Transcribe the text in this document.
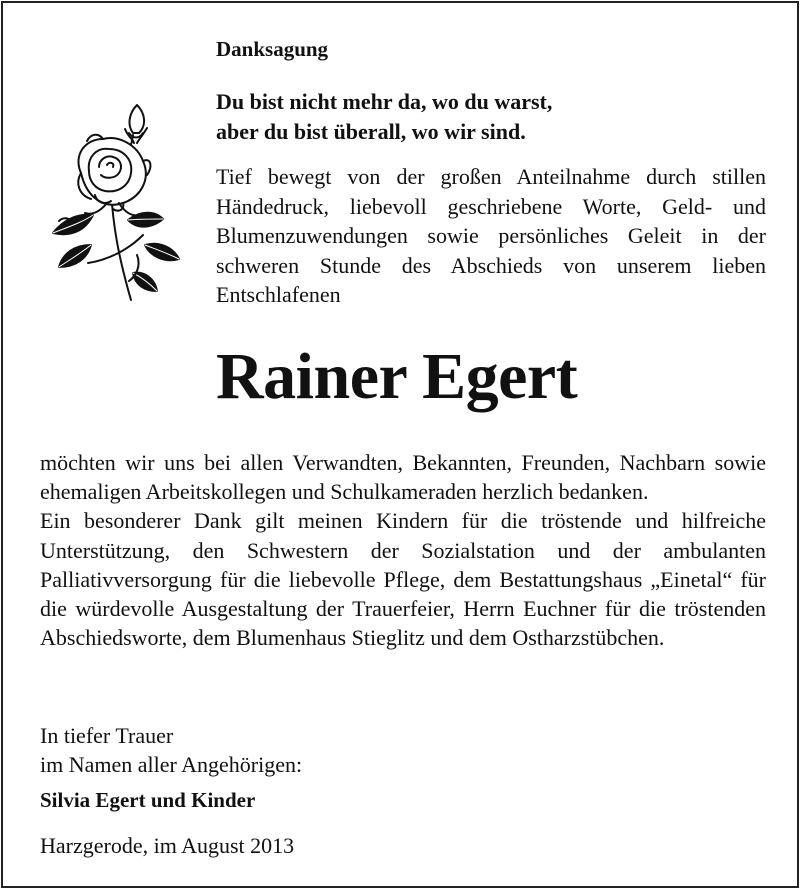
Danksagung
Du bist nicht mehr da, wo du warst,
aber du bist überall, wo wir sind.

Tief bewegt von der großen Anteilnahme durch stillen Händedruck, liebevoll geschriebene Worte, Geld- und Blumenzuwendungen sowie persönliches Geleit in der schweren Stunde des Abschieds von unserem lieben Entschlafenen

Rainer Egert

möchten wir uns bei allen Verwandten, Bekannten, Freunden, Nachbarn sowie ehemaligen Arbeitskollegen und Schulkameraden herzlich bedanken.

Ein besonderer Dank gilt meinen Kindern für die tröstende und hilfreiche Unterstützung, den Schwestern der Sozialstation und der ambulanten Palliativversorgung für die liebevolle Pflege, dem Bestattungshaus „Einetal“ für die würdevolle Ausgestaltung der Trauerfeier, Herrn Euchner für die tröstenden Abschiedsworte, dem Blumenhaus Stieglitz und dem Ostharzstübchen.

In tiefer Trauer
im Namen aller Angehörigen:
Silvia Egert und Kinder
Harzgerode, im August 2013
